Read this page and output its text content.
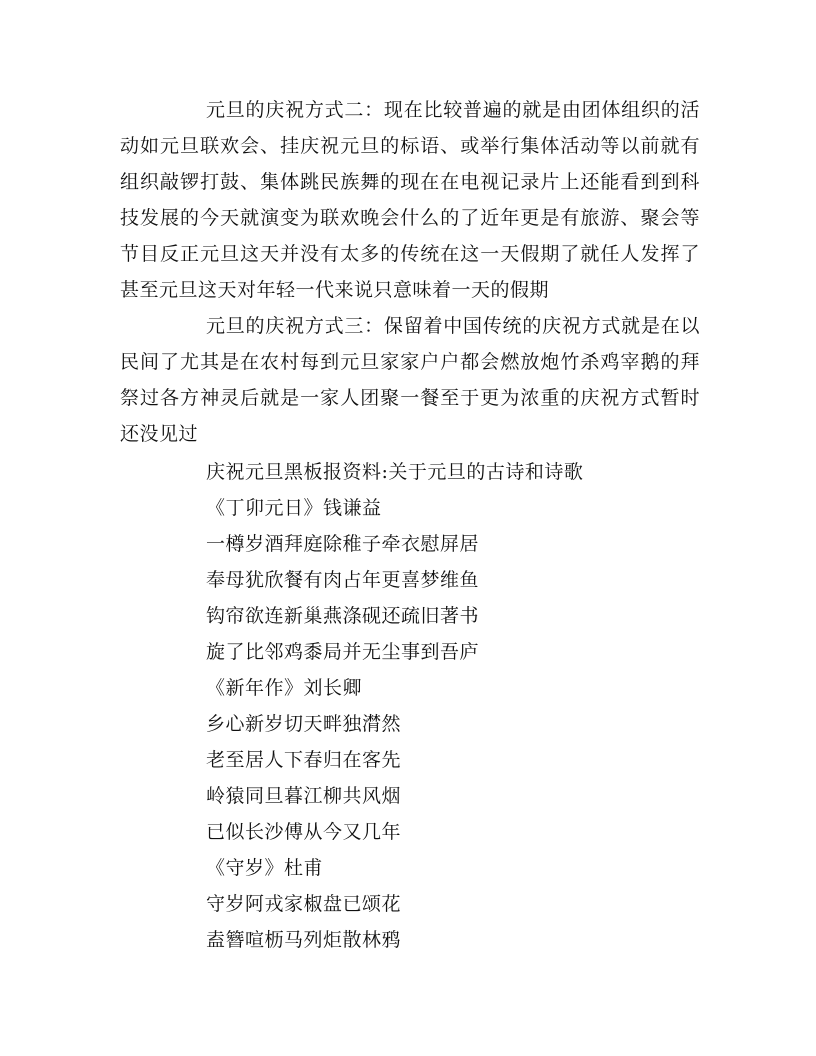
元旦的庆祝方式二：现在比较普遍的就是由团体组织的活动如元旦联欢会、挂庆祝元旦的标语、或举行集体活动等以前就有组织敲锣打鼓、集体跳民族舞的现在在电视记录片上还能看到到科技发展的今天就演变为联欢晚会什么的了近年更是有旅游、聚会等节目反正元旦这天并没有太多的传统在这一天假期了就任人发挥了甚至元旦这天对年轻一代来说只意味着一天的假期

元旦的庆祝方式三：保留着中国传统的庆祝方式就是在以民间了尤其是在农村每到元旦家家户户都会燃放炮竹杀鸡宰鹅的拜祭过各方神灵后就是一家人团聚一餐至于更为浓重的庆祝方式暂时还没见过

庆祝元旦黑板报资料:关于元旦的古诗和诗歌
《丁卯元日》钱谦益
一樽岁酒拜庭除稚子牵衣慰屏居
奉母犹欣餐有肉占年更喜梦维鱼
钩帘欲连新巢燕涤砚还疏旧著书
旋了比邻鸡黍局并无尘事到吾庐
《新年作》刘长卿
乡心新岁切天畔独潸然
老至居人下春归在客先
岭猿同旦暮江柳共风烟
已似长沙傅从今又几年
《守岁》杜甫
守岁阿戎家椒盘已颂花
盍簪喧枥马列炬散林鸦
